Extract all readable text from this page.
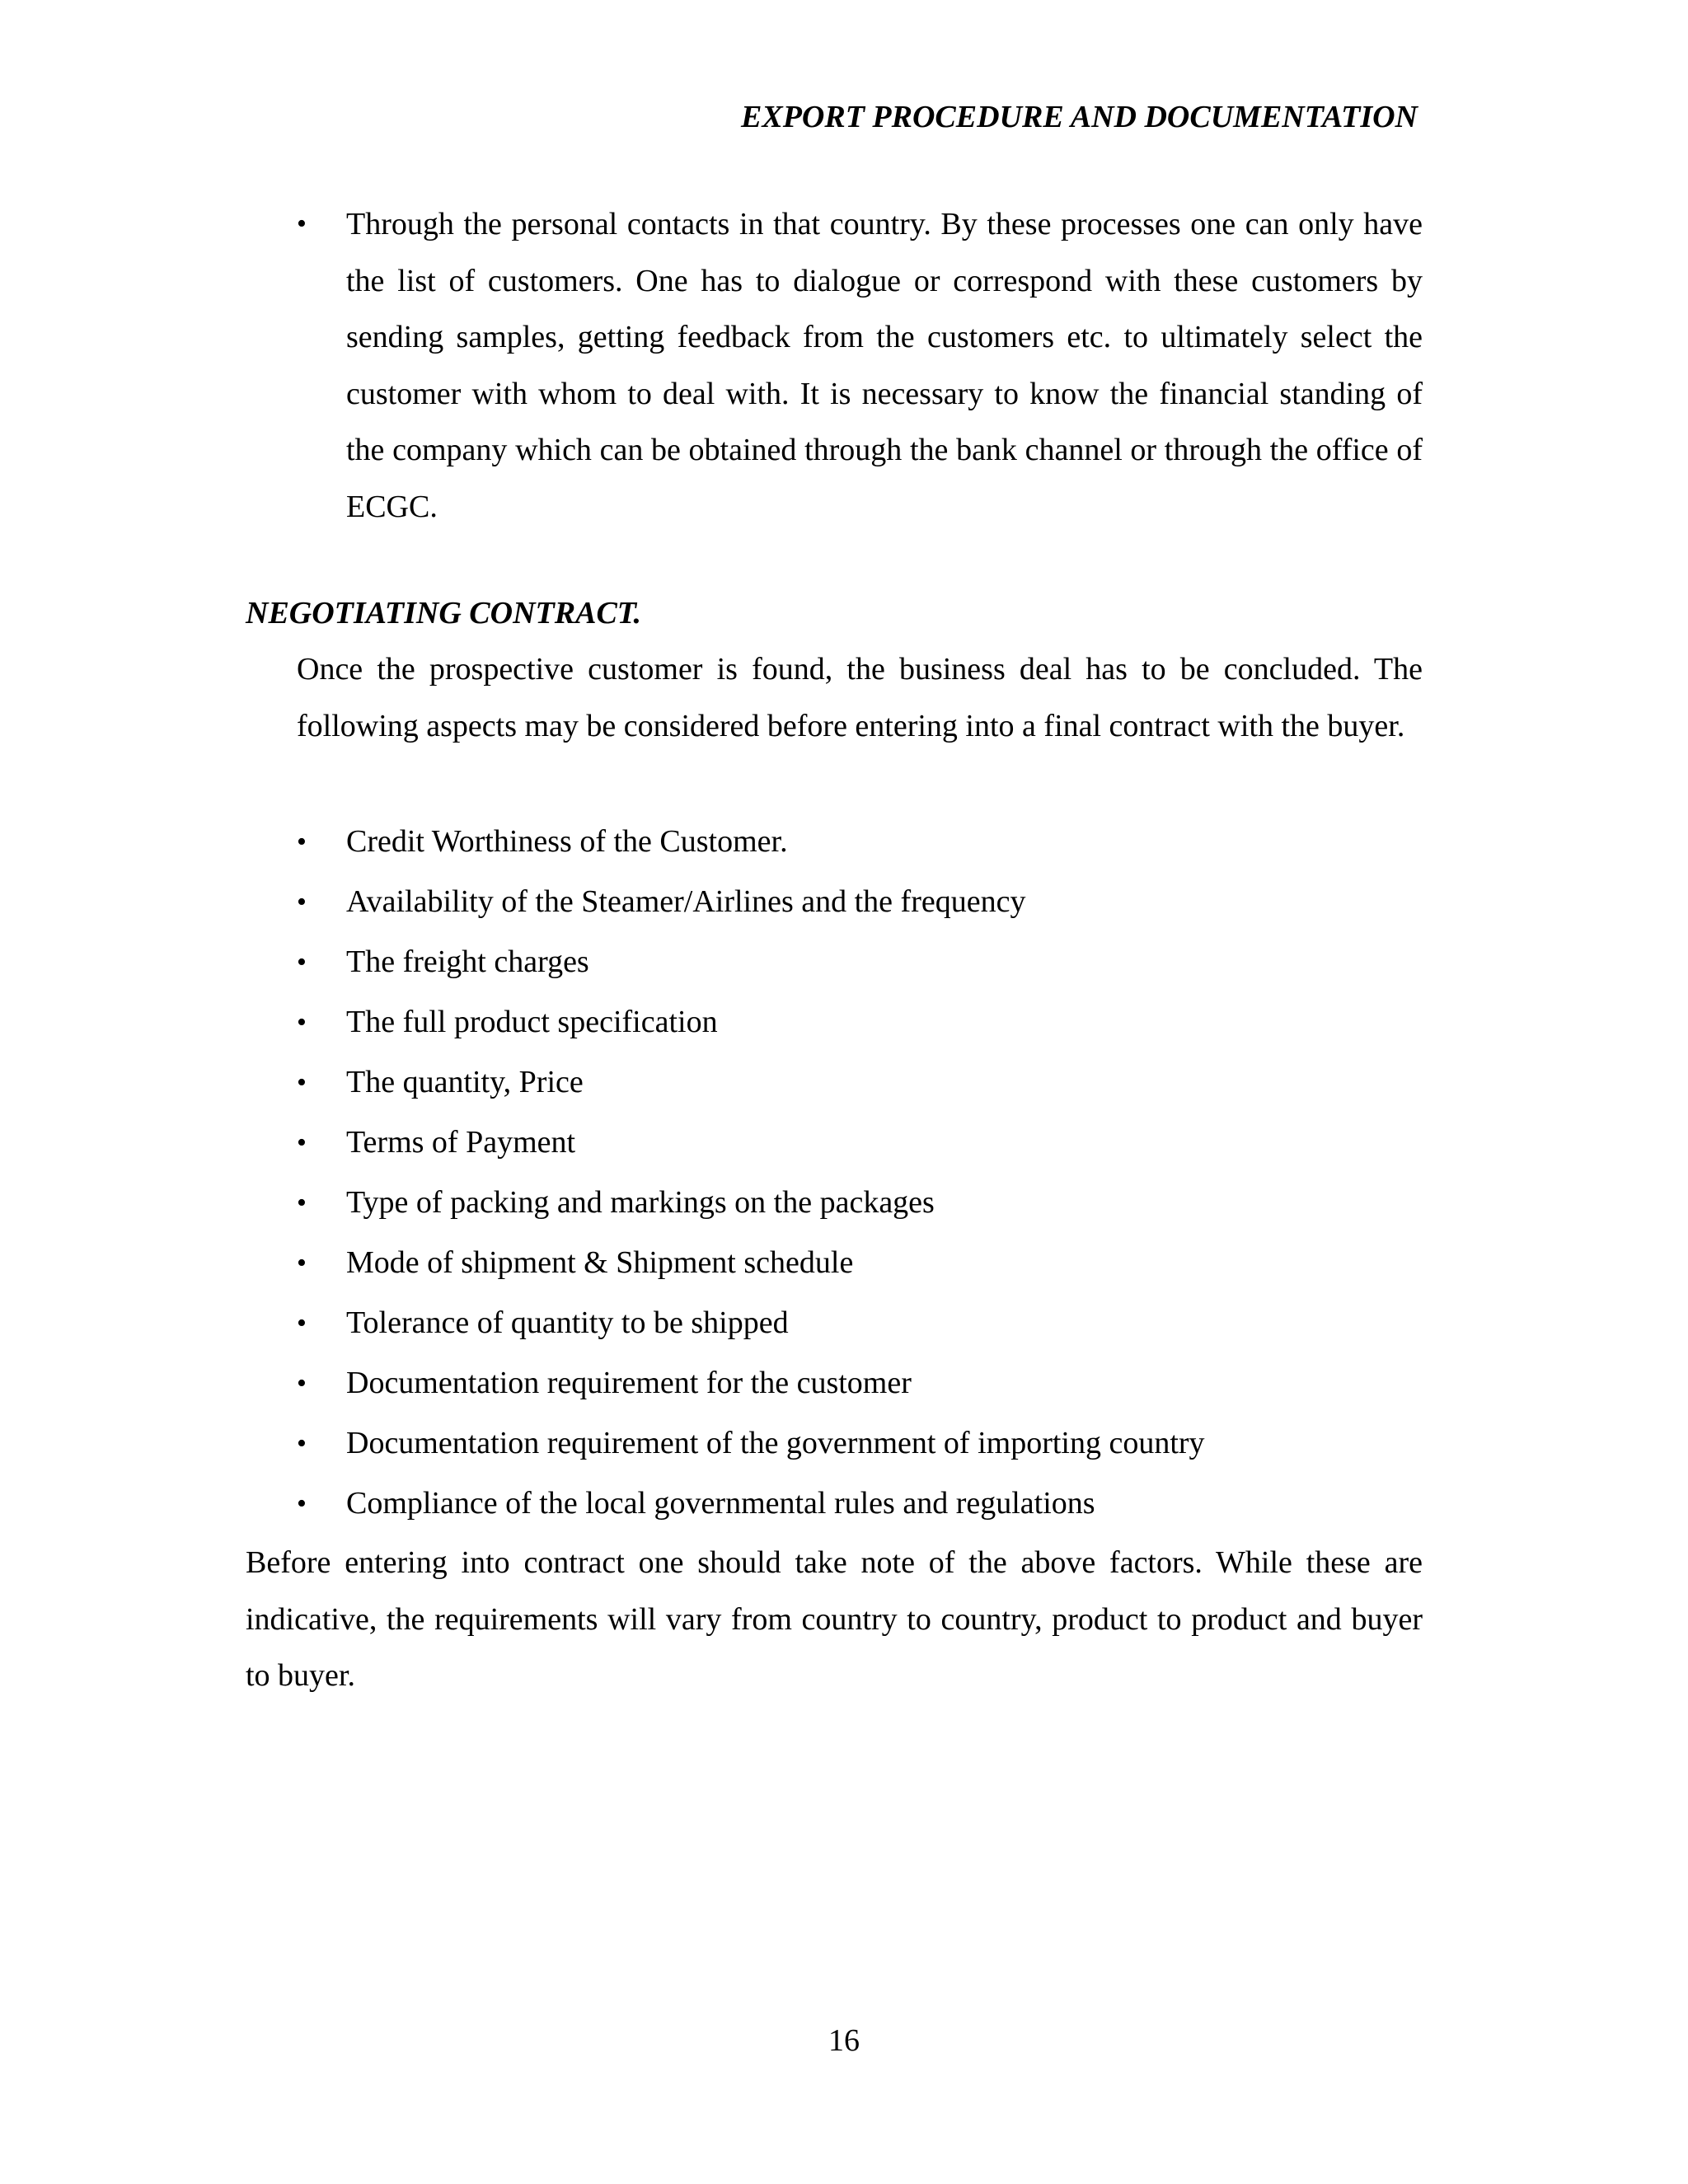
EXPORT PROCEDURE AND DOCUMENTATION
•	Through the personal contacts in that country. By these processes one can only have the list of customers. One has to dialogue or correspond with these customers by sending samples, getting feedback from the customers etc. to ultimately select the customer with whom to deal with. It is necessary to know the financial standing of the company which can be obtained through the bank channel or through the office of ECGC.
NEGOTIATING CONTRACT.

Once the prospective customer is found, the business deal has to be concluded. The following aspects may be considered before entering into a final contract with the buyer.

•	Credit Worthiness of the Customer.
•	Availability of the Steamer/Airlines and the frequency
•	The freight charges
•	The full product specification
•	The quantity, Price
•	Terms of Payment
•	Type of packing and markings on the packages
•	Mode of shipment & Shipment schedule
•	Tolerance of quantity to be shipped
•	Documentation requirement for the customer
•	Documentation requirement of the government of importing country
•	Compliance of the local governmental rules and regulations

Before entering into contract one should take note of the above factors. While these are indicative, the requirements will vary from country to country, product to product and buyer to buyer.

16
